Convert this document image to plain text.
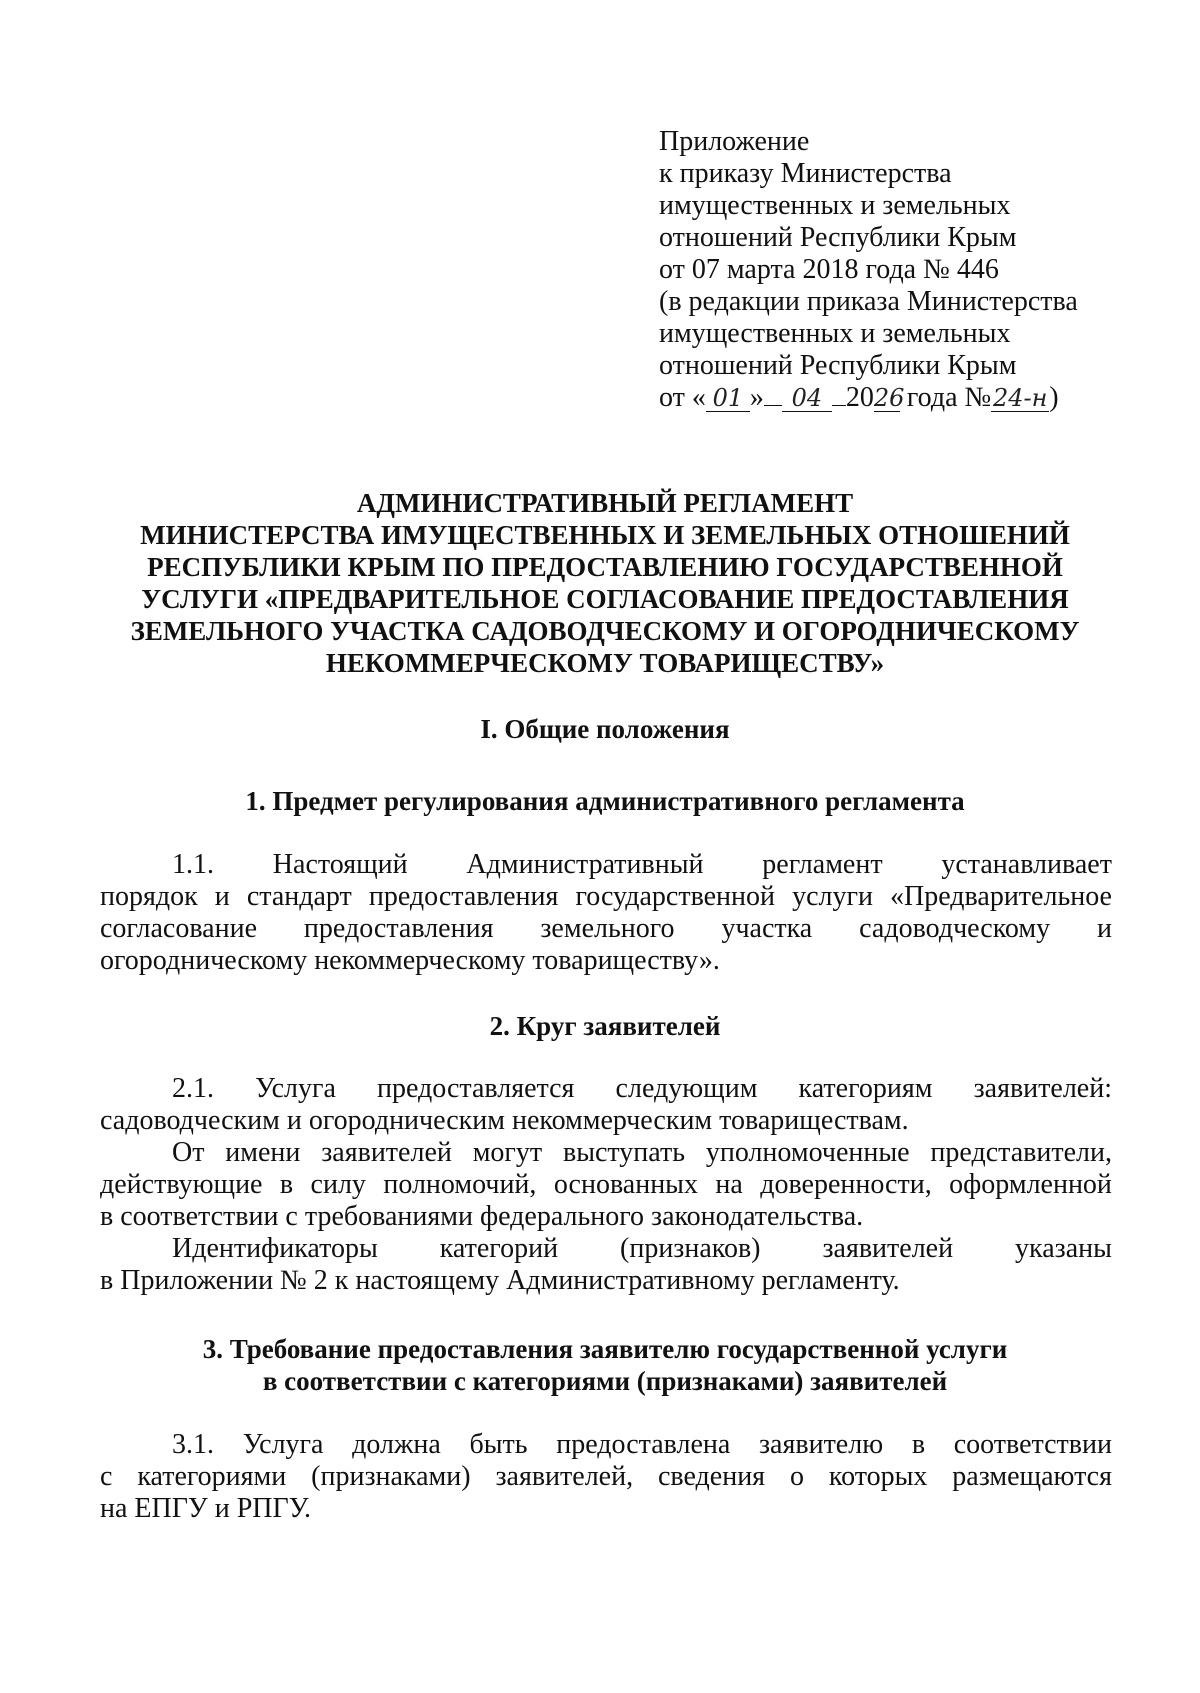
Приложение
к приказу Министерства
имущественных и земельных
отношений Республики Крым
от 07 марта 2018 года № 446
(в редакции приказа Министерства
имущественных и земельных
отношений Республики Крым
от « 01 » 04 2026 года №24-н)
АДМИНИСТРАТИВНЫЙ РЕГЛАМЕНТ
МИНИСТЕРСТВА ИМУЩЕСТВЕННЫХ И ЗЕМЕЛЬНЫХ ОТНОШЕНИЙ
РЕСПУБЛИКИ КРЫМ ПО ПРЕДОСТАВЛЕНИЮ ГОСУДАРСТВЕННОЙ
УСЛУГИ «ПРЕДВАРИТЕЛЬНОЕ СОГЛАСОВАНИЕ ПРЕДОСТАВЛЕНИЯ
ЗЕМЕЛЬНОГО УЧАСТКА САДОВОДЧЕСКОМУ И ОГОРОДНИЧЕСКОМУ
НЕКОММЕРЧЕСКОМУ ТОВАРИЩЕСТВУ»
I. Общие положения
1. Предмет регулирования административного регламента
1.1. Настоящий Административный регламент устанавливает
порядок и стандарт предоставления государственной услуги «Предварительное
согласование предоставления земельного участка садоводческому и
огородническому некоммерческому товариществу».
2. Круг заявителей
2.1. Услуга предоставляется следующим категориям заявителей:
садоводческим и огородническим некоммерческим товариществам.
От имени заявителей могут выступать уполномоченные представители,
действующие в силу полномочий, основанных на доверенности, оформленной
в соответствии с требованиями федерального законодательства.
Идентификаторы категорий (признаков) заявителей указаны
в Приложении № 2 к настоящему Административному регламенту.
3. Требование предоставления заявителю государственной услуги
в соответствии с категориями (признаками) заявителей
3.1. Услуга должна быть предоставлена заявителю в соответствии
с категориями (признаками) заявителей, сведения о которых размещаются
на ЕПГУ и РПГУ.
